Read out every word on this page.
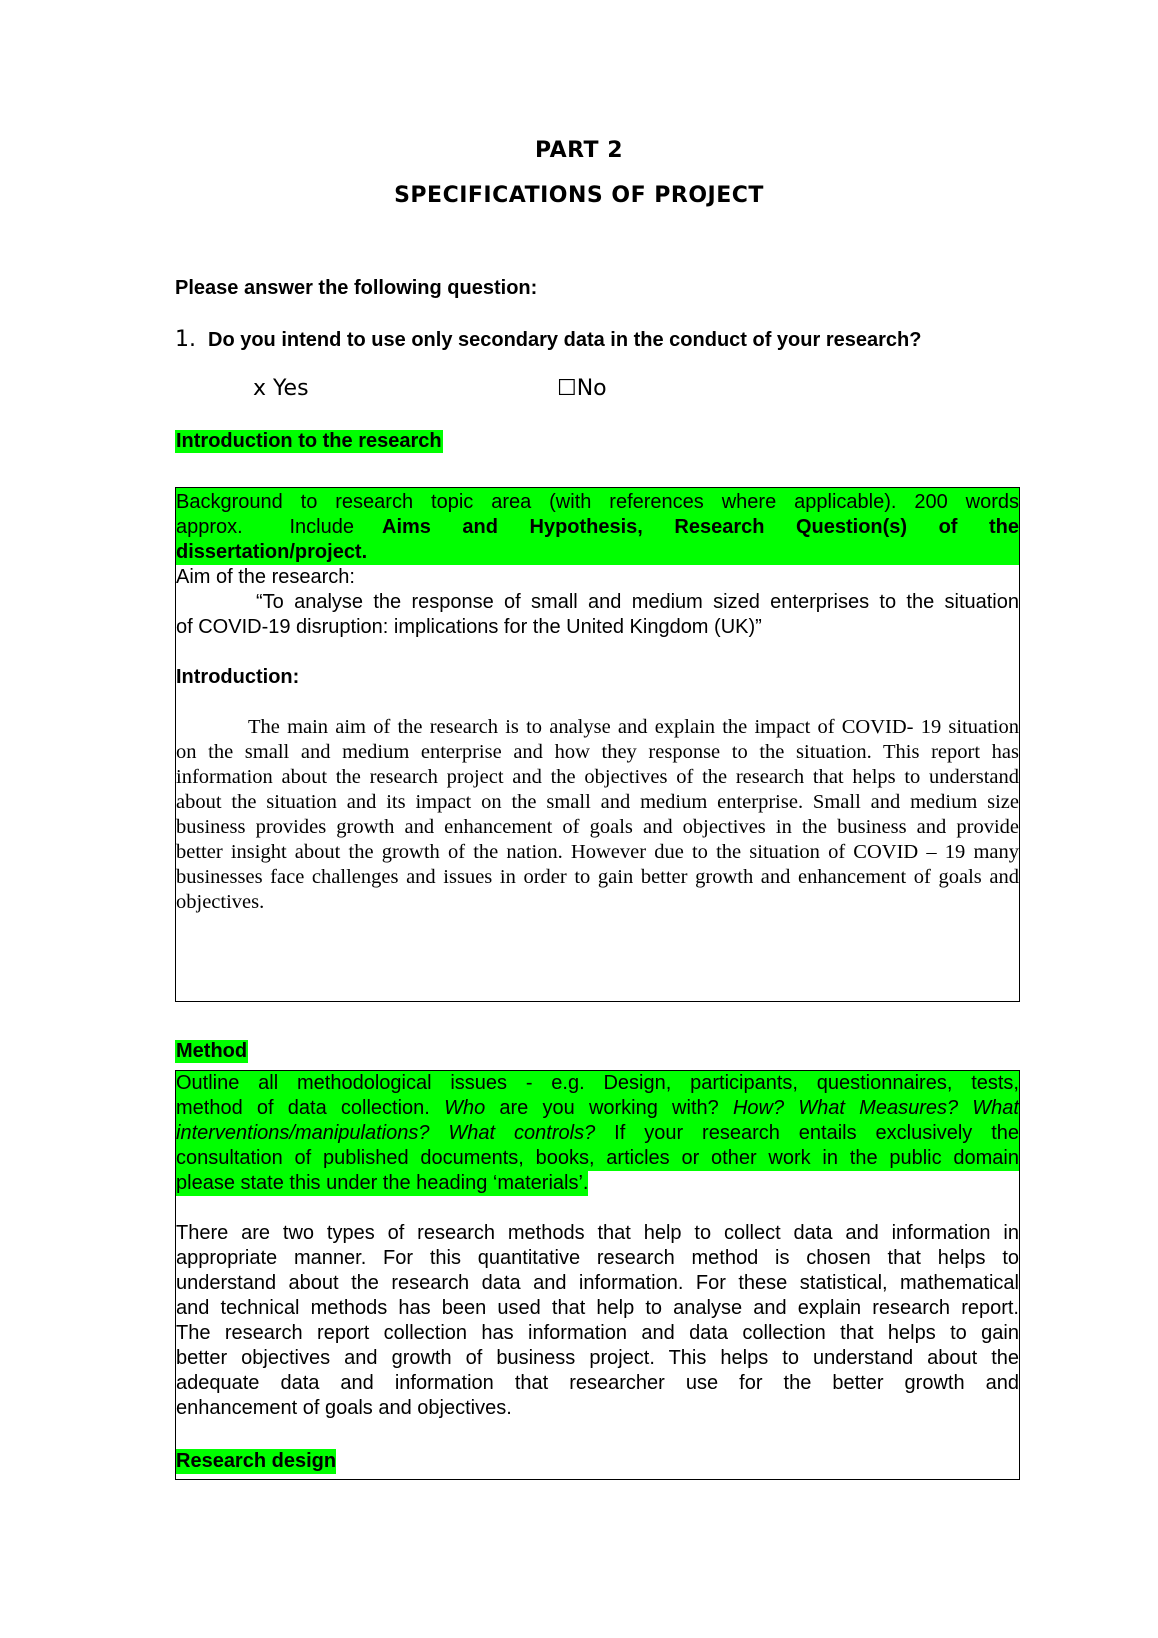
PART 2
SPECIFICATIONS OF PROJECT
Please answer the following question:
1. Do you intend to use only secondary data in the conduct of your research?
x Yes	☐No
Introduction to the research
Background to research topic area (with references where applicable). 200 words
approx. Include Aims and Hypothesis, Research Question(s) of the
dissertation/project.
Aim of the research:
“To analyse the response of small and medium sized enterprises to the situation
of COVID-19 disruption: implications for the United Kingdom (UK)”
Introduction:
The main aim of the research is to analyse and explain the impact of COVID- 19 situation
on the small and medium enterprise and how they response to the situation. This report has
information about the research project and the objectives of the research that helps to understand
about the situation and its impact on the small and medium enterprise. Small and medium size
business provides growth and enhancement of goals and objectives in the business and provide
better insight about the growth of the nation. However due to the situation of COVID – 19 many
businesses face challenges and issues in order to gain better growth and enhancement of goals and
objectives.
Method
Outline all methodological issues - e.g. Design, participants, questionnaires, tests,
method of data collection. Who are you working with? How? What Measures? What
interventions/manipulations? What controls? If your research entails exclusively the
consultation of published documents, books, articles or other work in the public domain
please state this under the heading ‘materials’.
There are two types of research methods that help to collect data and information in
appropriate manner. For this quantitative research method is chosen that helps to
understand about the research data and information. For these statistical, mathematical
and technical methods has been used that help to analyse and explain research report.
The research report collection has information and data collection that helps to gain
better objectives and growth of business project. This helps to understand about the
adequate data and information that researcher use for the better growth and
enhancement of goals and objectives.
Research design
